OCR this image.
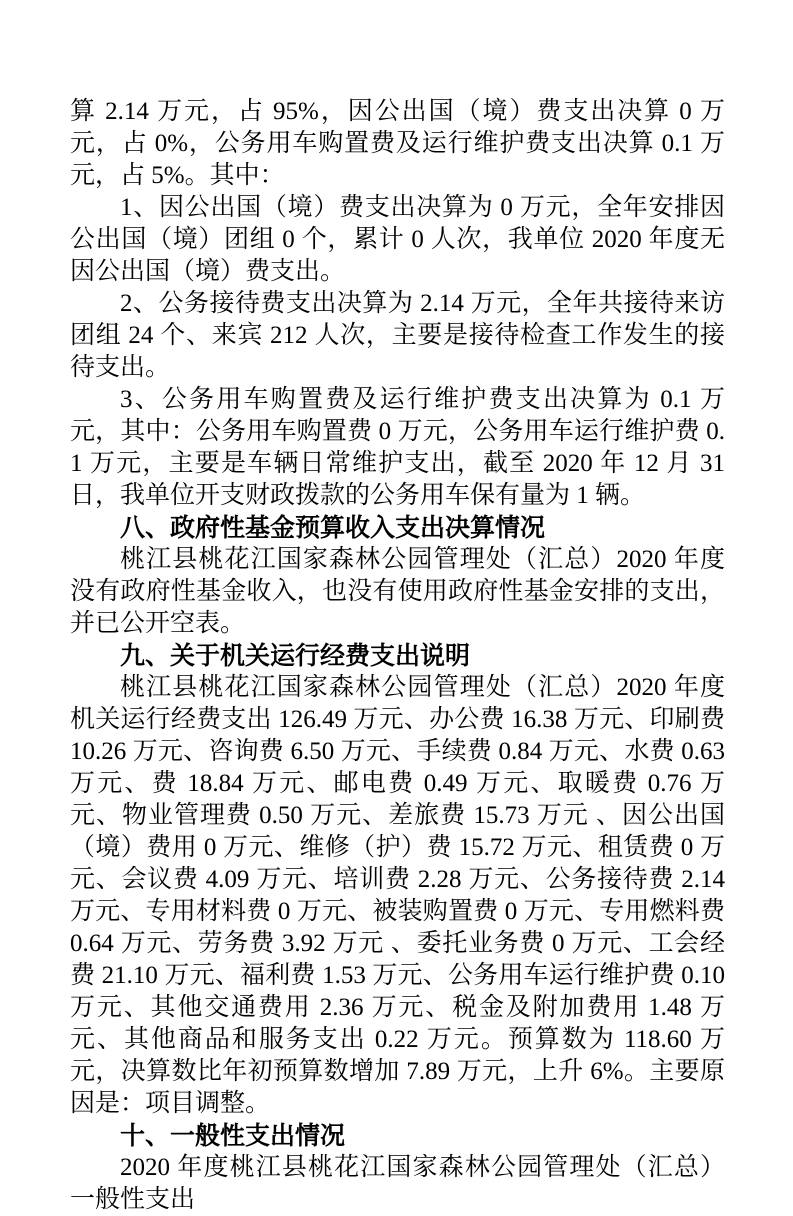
算 2.14 万元，占 95%，因公出国（境）费支出决算 0 万元，占 0%，公务用车购置费及运行维护费支出决算 0.1 万元，占 5%。其中：

1、因公出国（境）费支出决算为 0 万元，全年安排因公出国（境）团组 0 个，累计 0 人次，我单位 2020 年度无因公出国（境）费支出。

2、公务接待费支出决算为 2.14 万元，全年共接待来访团组 24 个、来宾 212 人次，主要是接待检查工作发生的接待支出。

3、公务用车购置费及运行维护费支出决算为 0.1 万元，其中：公务用车购置费 0 万元，公务用车运行维护费 0.1 万元，主要是车辆日常维护支出，截至 2020 年 12 月 31 日，我单位开支财政拨款的公务用车保有量为 1 辆。

八、政府性基金预算收入支出决算情况

桃江县桃花江国家森林公园管理处（汇总）2020 年度没有政府性基金收入，也没有使用政府性基金安排的支出，并已公开空表。

九、关于机关运行经费支出说明

桃江县桃花江国家森林公园管理处（汇总）2020 年度机关运行经费支出 126.49 万元、办公费 16.38 万元、印刷费 10.26 万元、咨询费 6.50 万元、手续费 0.84 万元、水费 0.63 万元、费 18.84 万元、邮电费 0.49 万元、取暖费 0.76 万元、物业管理费 0.50 万元、差旅费 15.73 万元 、因公出国（境）费用 0 万元、维修（护）费 15.72 万元、租赁费 0 万元、会议费 4.09 万元、培训费 2.28 万元、公务接待费 2.14 万元、专用材料费 0 万元、被装购置费 0 万元、专用燃料费 0.64 万元、劳务费 3.92 万元 、委托业务费 0 万元、工会经费 21.10 万元、福利费 1.53 万元、公务用车运行维护费 0.10 万元、其他交通费用 2.36 万元、税金及附加费用 1.48 万元、其他商品和服务支出 0.22 万元。预算数为 118.60 万元，决算数比年初预算数增加 7.89 万元，上升 6%。主要原因是：项目调整。

十、一般性支出情况

2020 年度桃江县桃花江国家森林公园管理处（汇总）一般性支出
